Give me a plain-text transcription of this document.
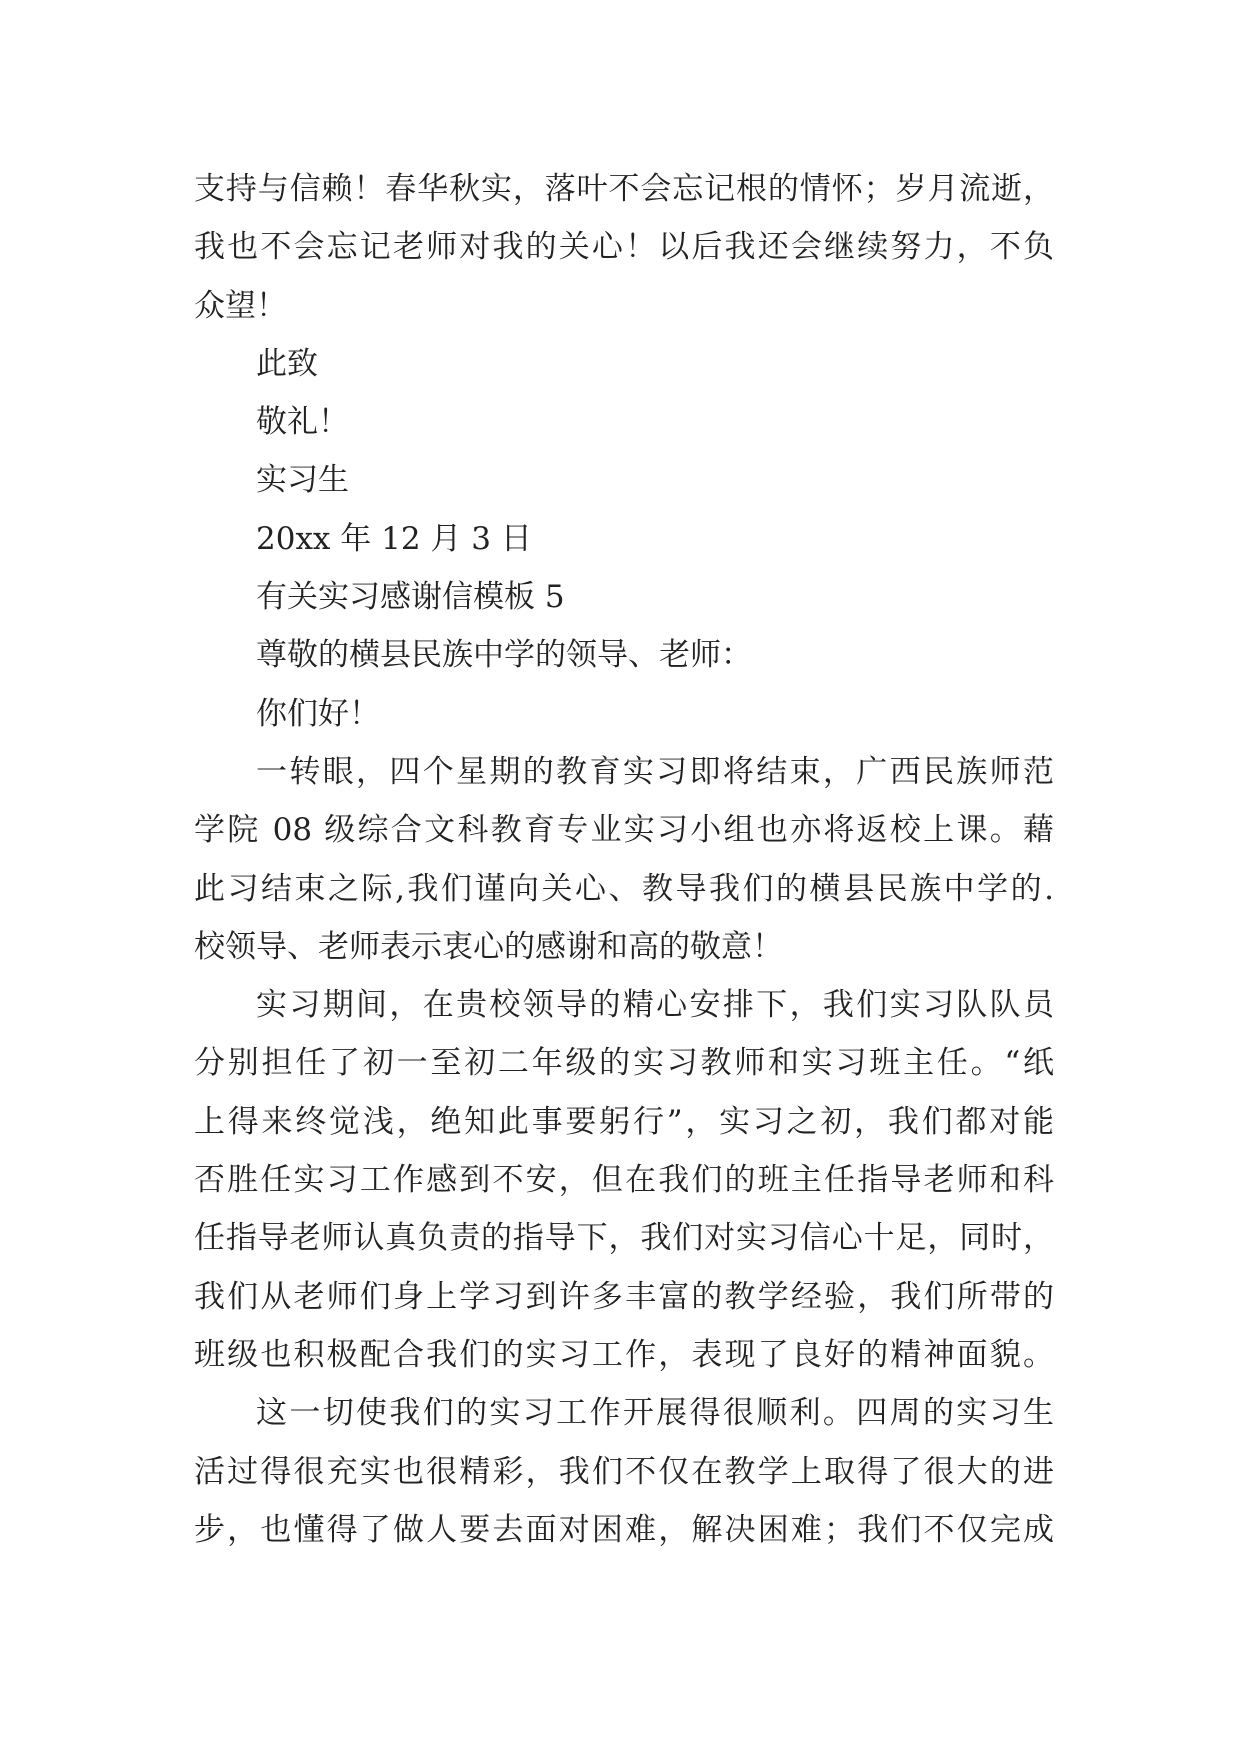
支持与信赖！春华秋实，落叶不会忘记根的情怀；岁月流逝，
我也不会忘记老师对我的关心！以后我还会继续努力，不负
众望！
此致
敬礼！
实习生
20xx 年 12 月 3 日
有关实习感谢信模板 5
尊敬的横县民族中学的领导、老师：
你们好！
一转眼，四个星期的教育实习即将结束，广西民族师范
学院 08 级综合文科教育专业实习小组也亦将返校上课。藉
此习结束之际,我们谨向关心、教导我们的横县民族中学的.
校领导、老师表示衷心的感谢和高的敬意！
实习期间，在贵校领导的精心安排下，我们实习队队员
分别担任了初一至初二年级的实习教师和实习班主任。“纸
上得来终觉浅，绝知此事要躬行”，实习之初，我们都对能
否胜任实习工作感到不安，但在我们的班主任指导老师和科
任指导老师认真负责的指导下，我们对实习信心十足，同时，
我们从老师们身上学习到许多丰富的教学经验，我们所带的
班级也积极配合我们的实习工作，表现了良好的精神面貌。
这一切使我们的实习工作开展得很顺利。四周的实习生
活过得很充实也很精彩，我们不仅在教学上取得了很大的进
步，也懂得了做人要去面对困难，解决困难；我们不仅完成
